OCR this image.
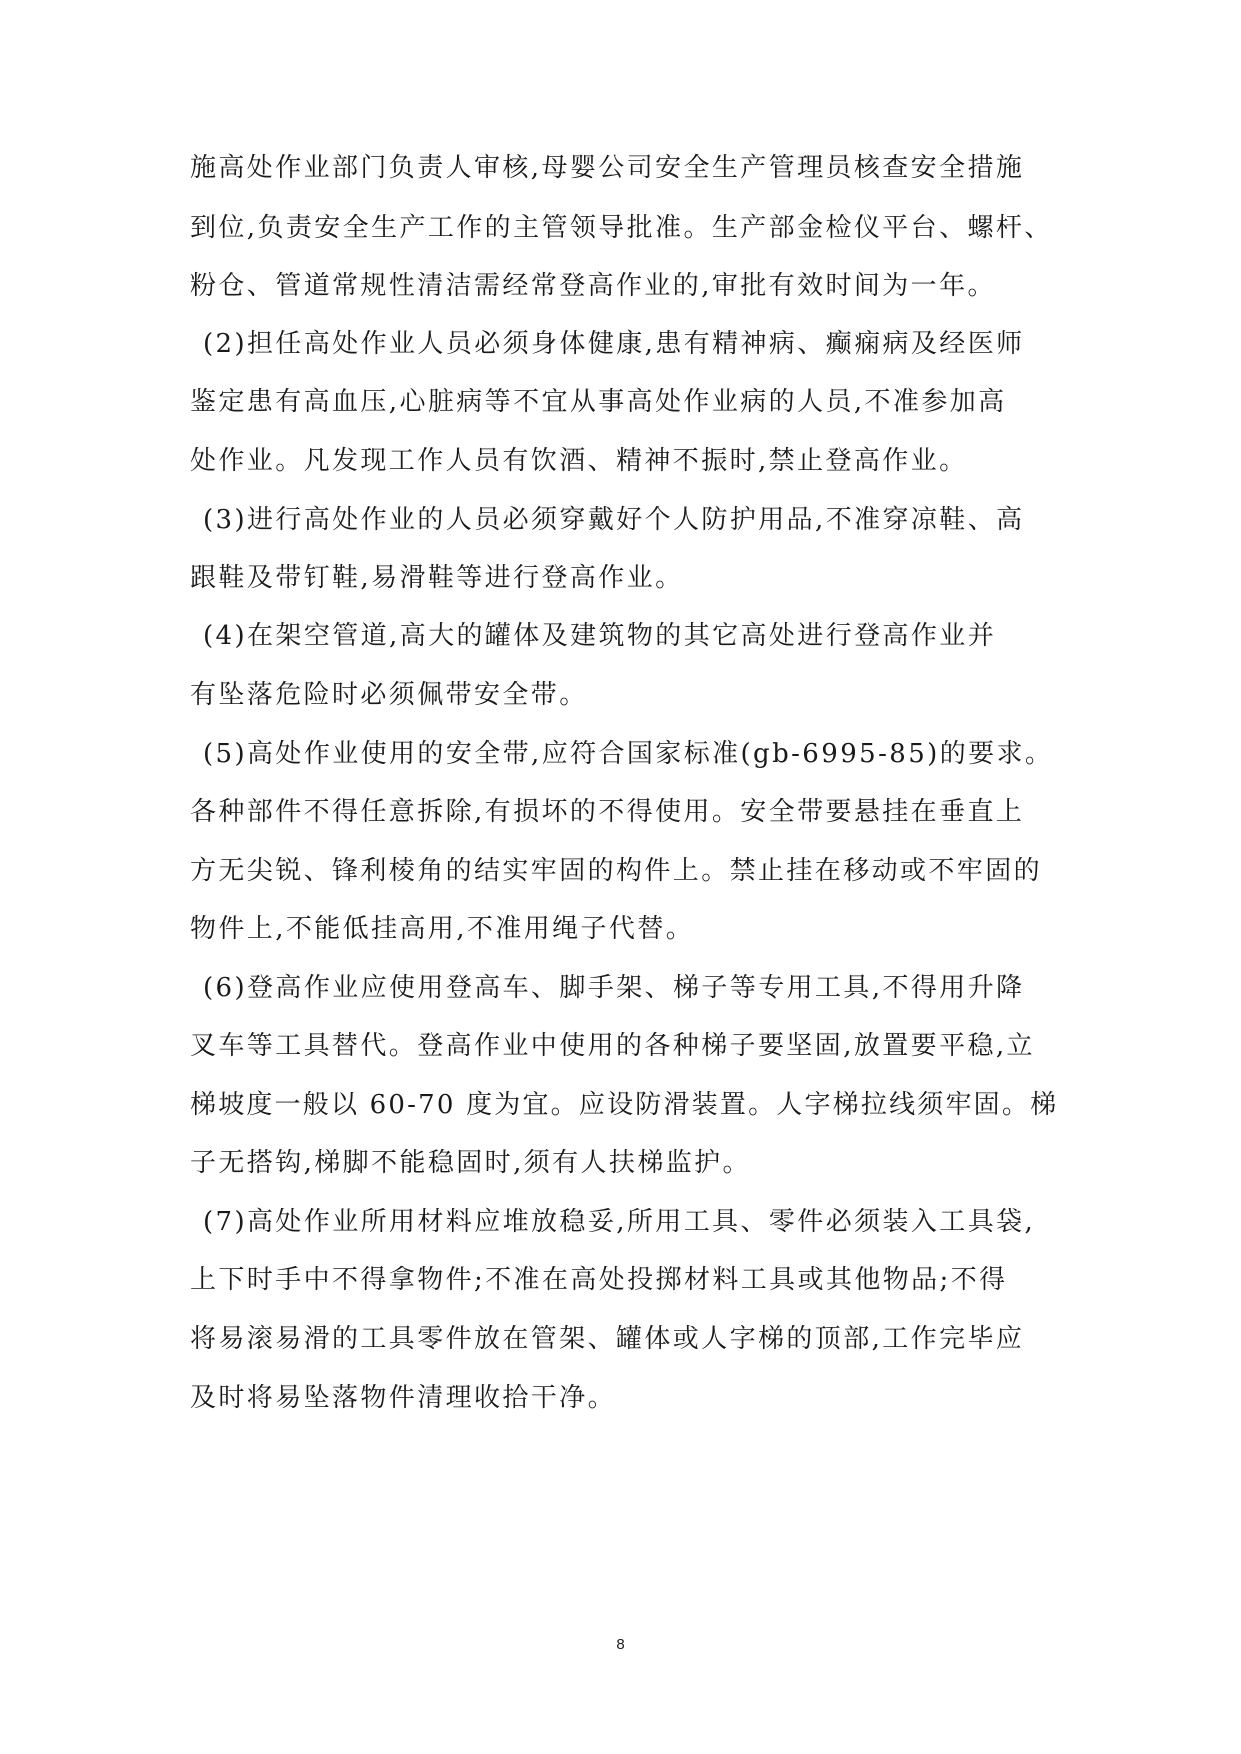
施高处作业部门负责人审核,母婴公司安全生产管理员核查安全措施
到位,负责安全生产工作的主管领导批准。生产部金检仪平台、螺杆、
粉仓、管道常规性清洁需经常登高作业的,审批有效时间为一年。
(2)担任高处作业人员必须身体健康,患有精神病、癫痫病及经医师
鉴定患有高血压,心脏病等不宜从事高处作业病的人员,不准参加高
处作业。凡发现工作人员有饮酒、精神不振时,禁止登高作业。
(3)进行高处作业的人员必须穿戴好个人防护用品,不准穿凉鞋、高
跟鞋及带钉鞋,易滑鞋等进行登高作业。
(4)在架空管道,高大的罐体及建筑物的其它高处进行登高作业并
有坠落危险时必须佩带安全带。
(5)高处作业使用的安全带,应符合国家标准(gb-6995-85)的要求。
各种部件不得任意拆除,有损坏的不得使用。安全带要悬挂在垂直上
方无尖锐、锋利棱角的结实牢固的构件上。禁止挂在移动或不牢固的
物件上,不能低挂高用,不准用绳子代替。
(6)登高作业应使用登高车、脚手架、梯子等专用工具,不得用升降
叉车等工具替代。登高作业中使用的各种梯子要坚固,放置要平稳,立
梯坡度一般以 60-70 度为宜。应设防滑装置。人字梯拉线须牢固。梯
子无搭钩,梯脚不能稳固时,须有人扶梯监护。
(7)高处作业所用材料应堆放稳妥,所用工具、零件必须装入工具袋,
上下时手中不得拿物件;不准在高处投掷材料工具或其他物品;不得
将易滚易滑的工具零件放在管架、罐体或人字梯的顶部,工作完毕应
及时将易坠落物件清理收拾干净。
8
